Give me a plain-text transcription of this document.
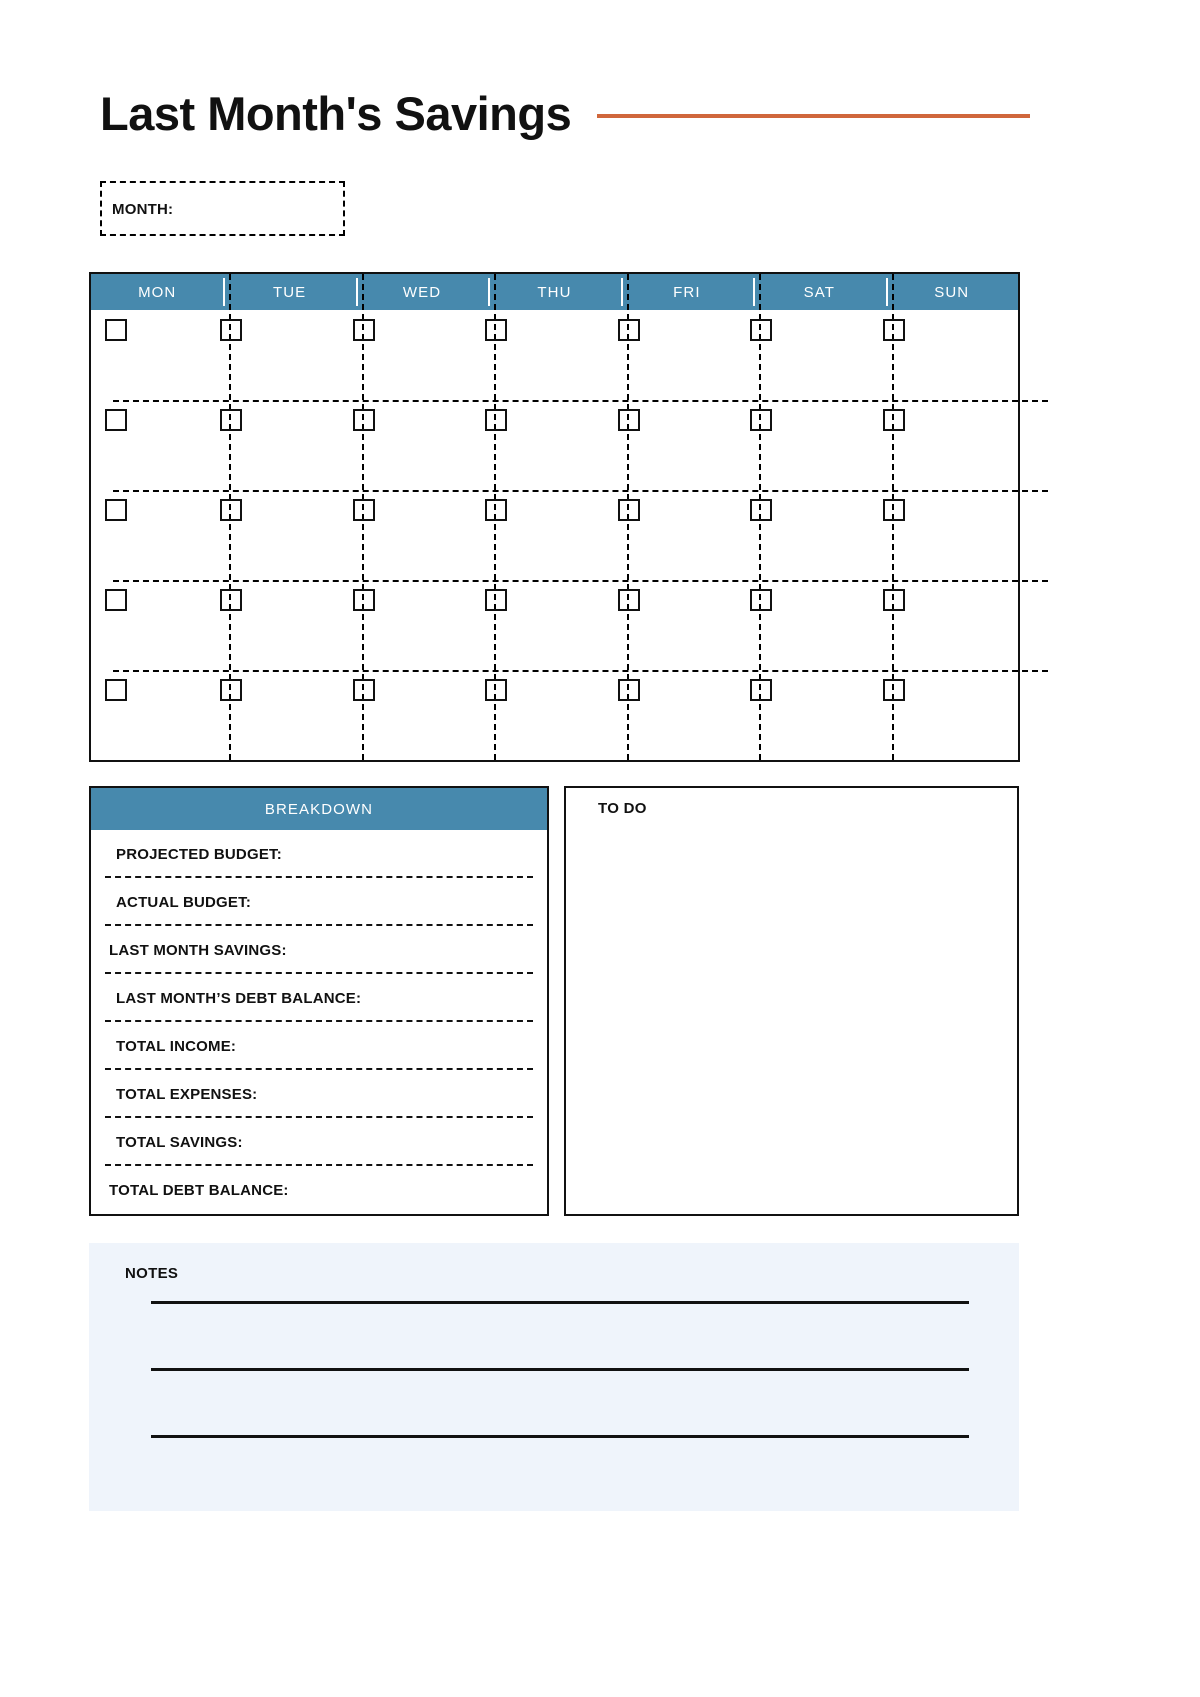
Last Month's Savings
MONTH:
MON	TUE	WED	THU	FRI	SAT	SUN
BREAKDOWN
PROJECTED BUDGET:
ACTUAL BUDGET:
LAST MONTH SAVINGS:
LAST MONTH’S DEBT BALANCE:
TOTAL INCOME:
TOTAL EXPENSES:
TOTAL SAVINGS:
TOTAL DEBT BALANCE:
TO DO
NOTES
